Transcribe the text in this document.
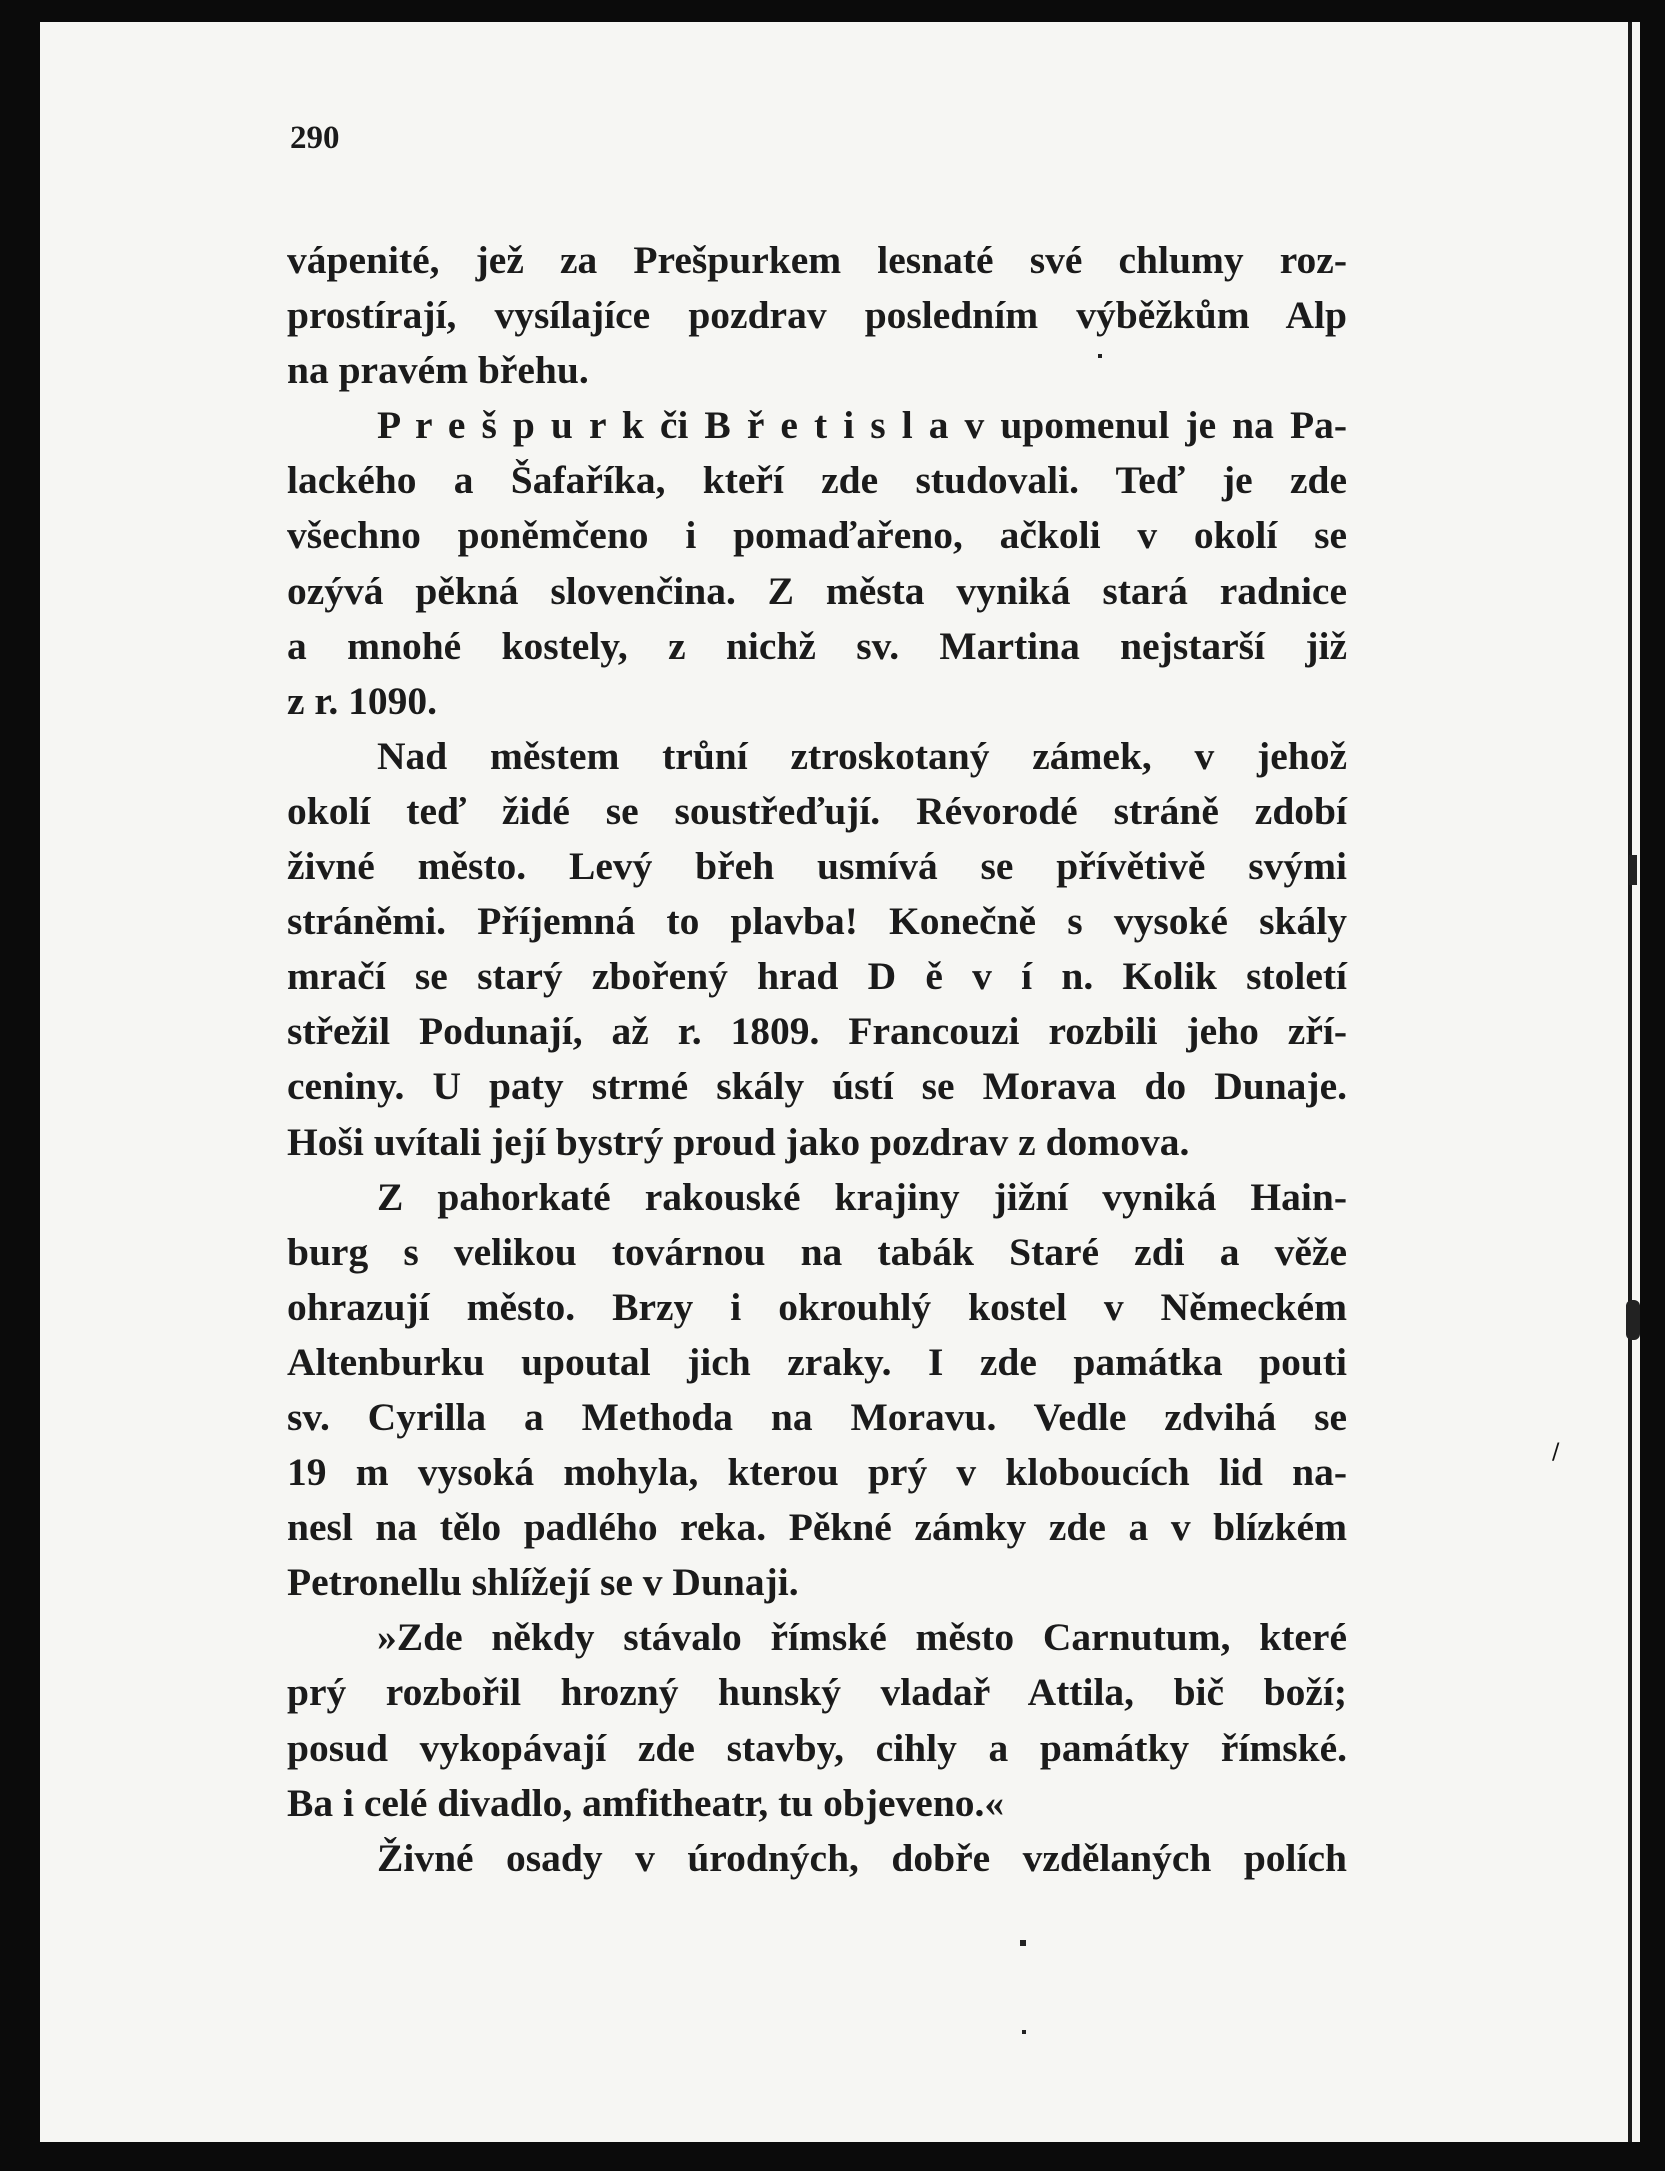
290
vápenité, jež za Prešpurkem lesnaté své chlumy roz-
prostírají, vysílajíce pozdrav posledním výběžkům Alp
na pravém břehu.
P r e š p u r k či B ř e t i s l a v upomenul je na Pa-
lackého a Šafaříka, kteří zde studovali. Teď je zde
všechno poněmčeno i pomaďařeno, ačkoli v okolí se
ozývá pěkná slovenčina. Z města vyniká stará radnice
a mnohé kostely, z nichž sv. Martina nejstarší již
z r. 1090.
Nad městem trůní ztroskotaný zámek, v jehož
okolí teď židé se soustřeďují. Révorodé stráně zdobí
živné město. Levý břeh usmívá se přívětivě svými
stráněmi. Příjemná to plavba! Konečně s vysoké skály
mračí se starý zbořený hrad D ě v í n. Kolik století
střežil Podunají, až r. 1809. Francouzi rozbili jeho zří-
ceniny. U paty strmé skály ústí se Morava do Dunaje.
Hoši uvítali její bystrý proud jako pozdrav z domova.
Z pahorkaté rakouské krajiny jižní vyniká Hain-
burg s velikou továrnou na tabák Staré zdi a věže
ohrazují město. Brzy i okrouhlý kostel v Německém
Altenburku upoutal jich zraky. I zde památka pouti
sv. Cyrilla a Methoda na Moravu. Vedle zdvihá se
19 m vysoká mohyla, kterou prý v kloboucích lid na-
nesl na tělo padlého reka. Pěkné zámky zde a v blízkém
Petronellu shlížejí se v Dunaji.
»Zde někdy stávalo římské město Carnutum, které
prý rozbořil hrozný hunský vladař Attila, bič boží;
posud vykopávají zde stavby, cihly a památky římské.
Ba i celé divadlo, amfitheatr, tu objeveno.«
Živné osady v úrodných, dobře vzdělaných polích
/
